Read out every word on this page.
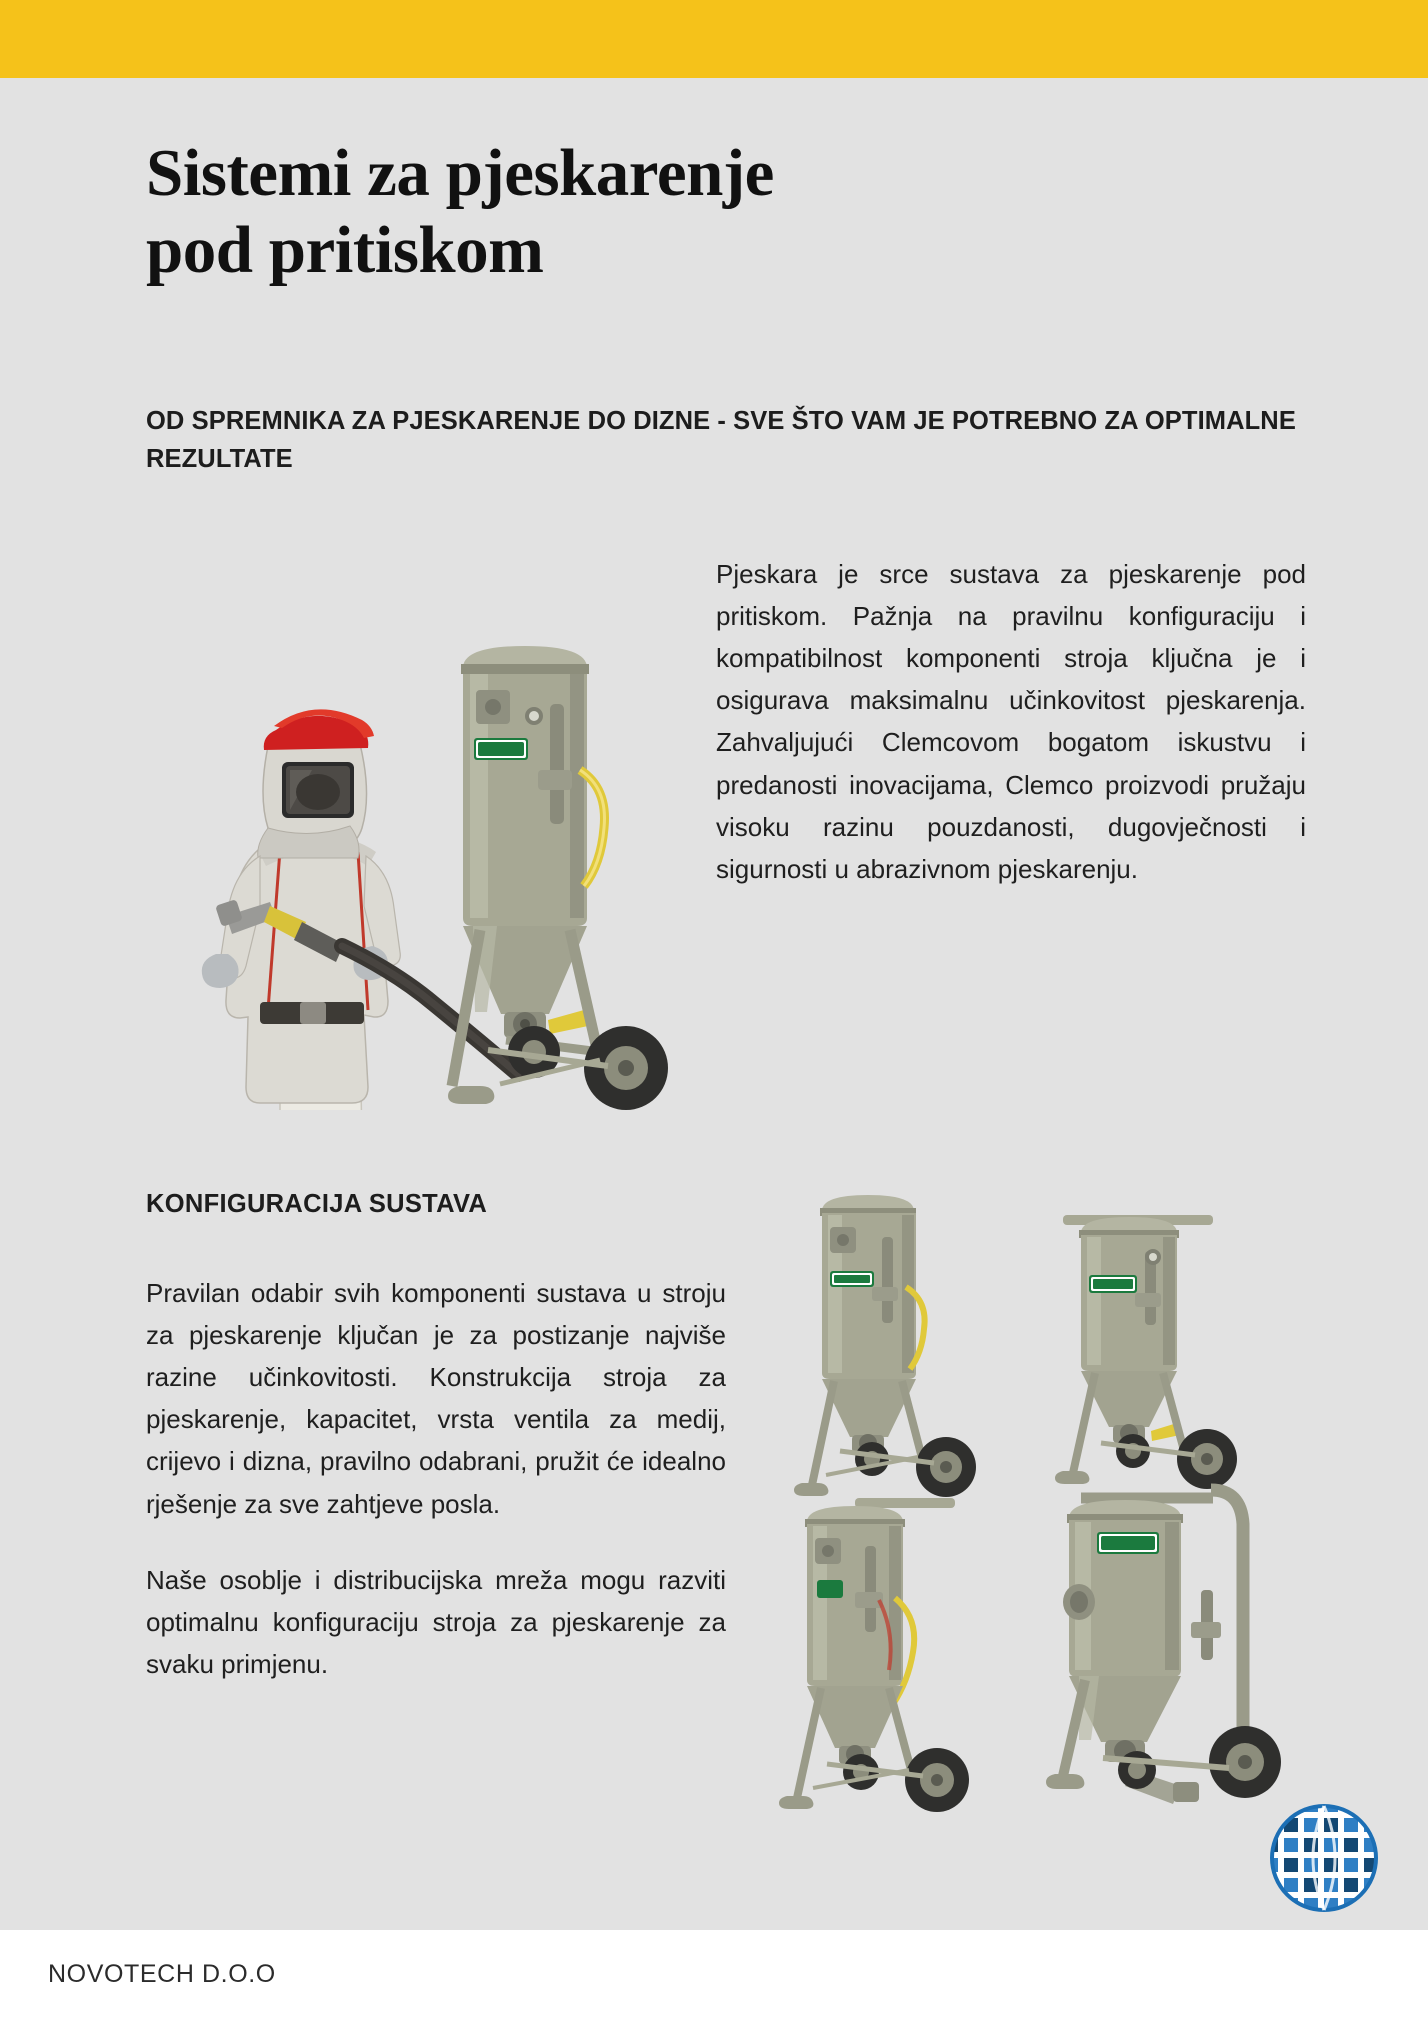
Sistemi za pjeskarenje
pod pritiskom
OD SPREMNIKA ZA PJESKARENJE DO DIZNE - SVE ŠTO VAM JE POTREBNO ZA OPTIMALNE REZULTATE
Pjeskara je srce sustava za pjeskarenje pod pritiskom. Pažnja na pravilnu konfiguraciju i kompatibilnost komponenti stroja ključna je i osigurava maksimalnu učinkovitost pjeskarenja. Zahvaljujući Clemcovom bogatom iskustvu i predanosti inovacijama, Clemco proizvodi pružaju visoku razinu pouzdanosti, dugovječnosti i sigurnosti u abrazivnom pjeskarenju.
KONFIGURACIJA SUSTAVA

Pravilan odabir svih komponenti sustava u stroju za pjeskarenje ključan je za postizanje najviše razine učinkovitosti. Konstrukcija stroja za pjeskarenje, kapacitet, vrsta ventila za medij, crijevo i dizna, pravilno odabrani, pružit će idealno rješenje za sve zahtjeve posla.

Naše osoblje i distribucijska mreža mogu razviti optimalnu konfiguraciju stroja za pjeskarenje za svaku primjenu.

NOVOTECH D.O.O
